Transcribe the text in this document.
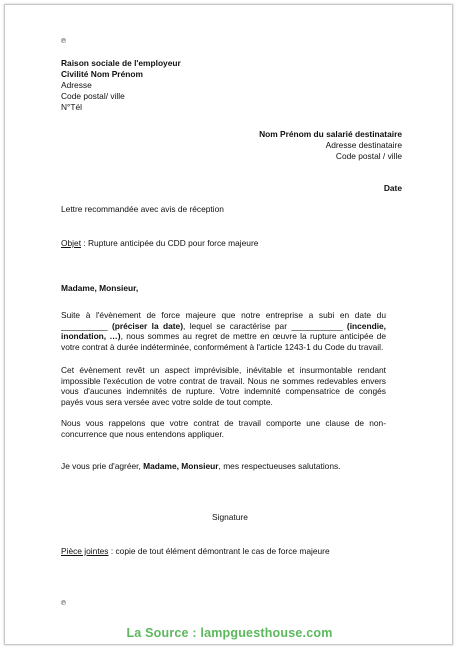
℗
Raison sociale de l'employeur
Civilité Nom Prénom
Adresse
Code postal/ ville
N°Tél
Nom Prénom du salarié destinataire
Adresse destinataire
Code postal / ville
Date
Lettre recommandée avec avis de réception
Objet : Rupture anticipée du CDD pour force majeure
Madame, Monsieur,
Suite à l'évènement de force majeure que notre entreprise a subi en date du __________ (préciser la date), lequel se caractérise par ___________ (incendie, inondation, …), nous sommes au regret de mettre en œuvre la rupture anticipée de votre contrat à durée indéterminée, conformément à l'article 1243-1 du Code du travail.
Cet évènement revêt un aspect imprévisible, inévitable et insurmontable rendant impossible l'exécution de votre contrat de travail. Nous ne sommes redevables envers vous d'aucunes indemnités de rupture. Votre indemnité compensatrice de congés payés vous sera versée avec votre solde de tout compte.
Nous vous rappelons que votre contrat de travail comporte une clause de non-concurrence que nous entendons appliquer.
Je vous prie d'agréer, Madame, Monsieur, mes respectueuses salutations.
Signature
Pièce jointes : copie de tout élément démontrant le cas de force majeure
℗
La Source : lampguesthouse.com
